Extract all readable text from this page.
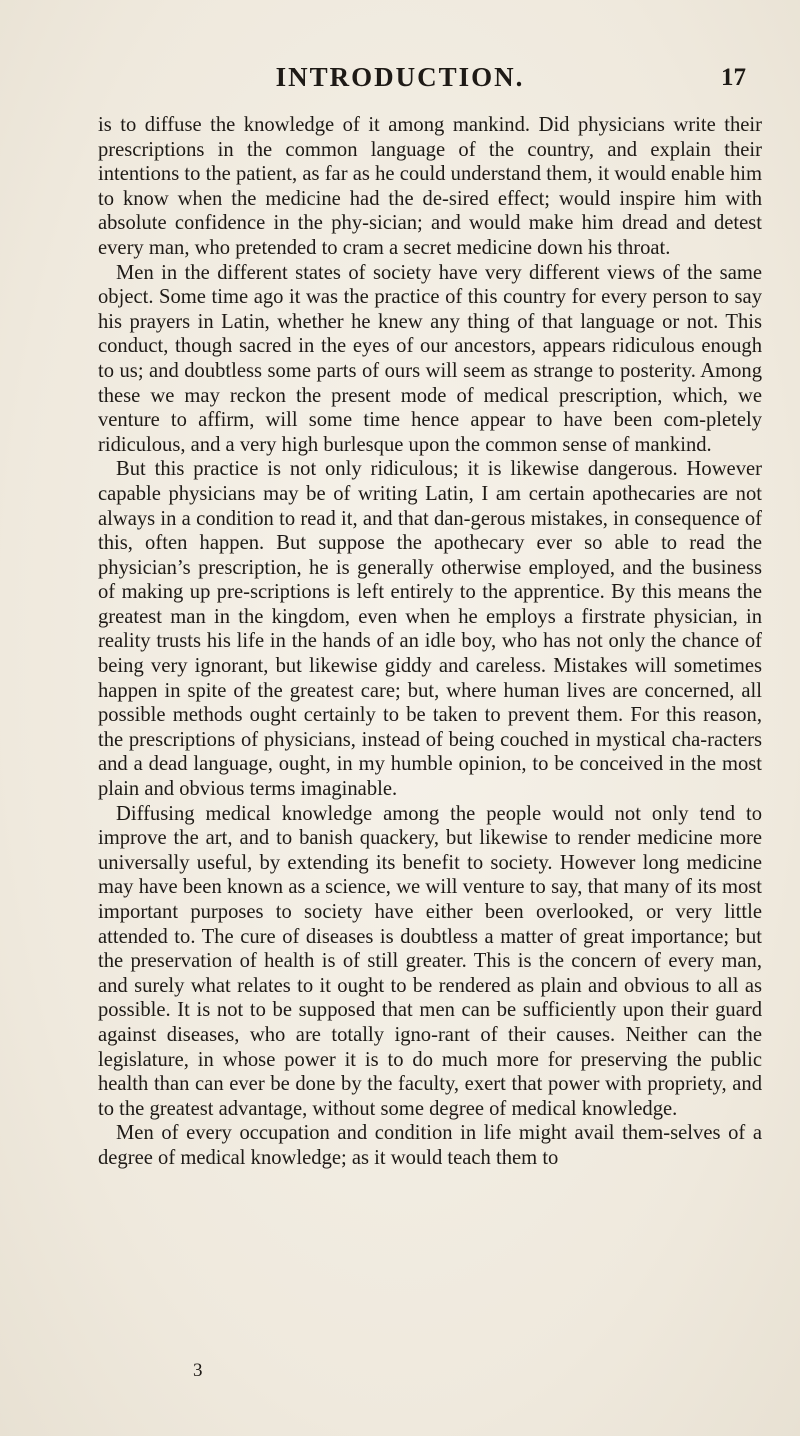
INTRODUCTION.	17

is to diffuse the knowledge of it among mankind. Did physicians write their prescriptions in the common language of the country, and explain their intentions to the patient, as far as he could understand them, it would enable him to know when the medicine had the de-sired effect; would inspire him with absolute confidence in the phy-sician; and would make him dread and detest every man, who pretended to cram a secret medicine down his throat.

Men in the different states of society have very different views of the same object. Some time ago it was the practice of this country for every person to say his prayers in Latin, whether he knew any thing of that language or not. This conduct, though sacred in the eyes of our ancestors, appears ridiculous enough to us; and doubtless some parts of ours will seem as strange to posterity. Among these we may reckon the present mode of medical prescription, which, we venture to affirm, will some time hence appear to have been com-pletely ridiculous, and a very high burlesque upon the common sense of mankind.

But this practice is not only ridiculous; it is likewise dangerous. However capable physicians may be of writing Latin, I am certain apothecaries are not always in a condition to read it, and that dan-gerous mistakes, in consequence of this, often happen. But suppose the apothecary ever so able to read the physician’s prescription, he is generally otherwise employed, and the business of making up pre-scriptions is left entirely to the apprentice. By this means the greatest man in the kingdom, even when he employs a firstrate physician, in reality trusts his life in the hands of an idle boy, who has not only the chance of being very ignorant, but likewise giddy and careless. Mistakes will sometimes happen in spite of the greatest care; but, where human lives are concerned, all possible methods ought certainly to be taken to prevent them. For this reason, the prescriptions of physicians, instead of being couched in mystical cha-racters and a dead language, ought, in my humble opinion, to be conceived in the most plain and obvious terms imaginable.

Diffusing medical knowledge among the people would not only tend to improve the art, and to banish quackery, but likewise to render medicine more universally useful, by extending its benefit to society. However long medicine may have been known as a science, we will venture to say, that many of its most important purposes to society have either been overlooked, or very little attended to. The cure of diseases is doubtless a matter of great importance; but the preservation of health is of still greater. This is the concern of every man, and surely what relates to it ought to be rendered as plain and obvious to all as possible. It is not to be supposed that men can be sufficiently upon their guard against diseases, who are totally igno-rant of their causes. Neither can the legislature, in whose power it is to do much more for preserving the public health than can ever be done by the faculty, exert that power with propriety, and to the greatest advantage, without some degree of medical knowledge.

Men of every occupation and condition in life might avail them-selves of a degree of medical knowledge; as it would teach them to

3
